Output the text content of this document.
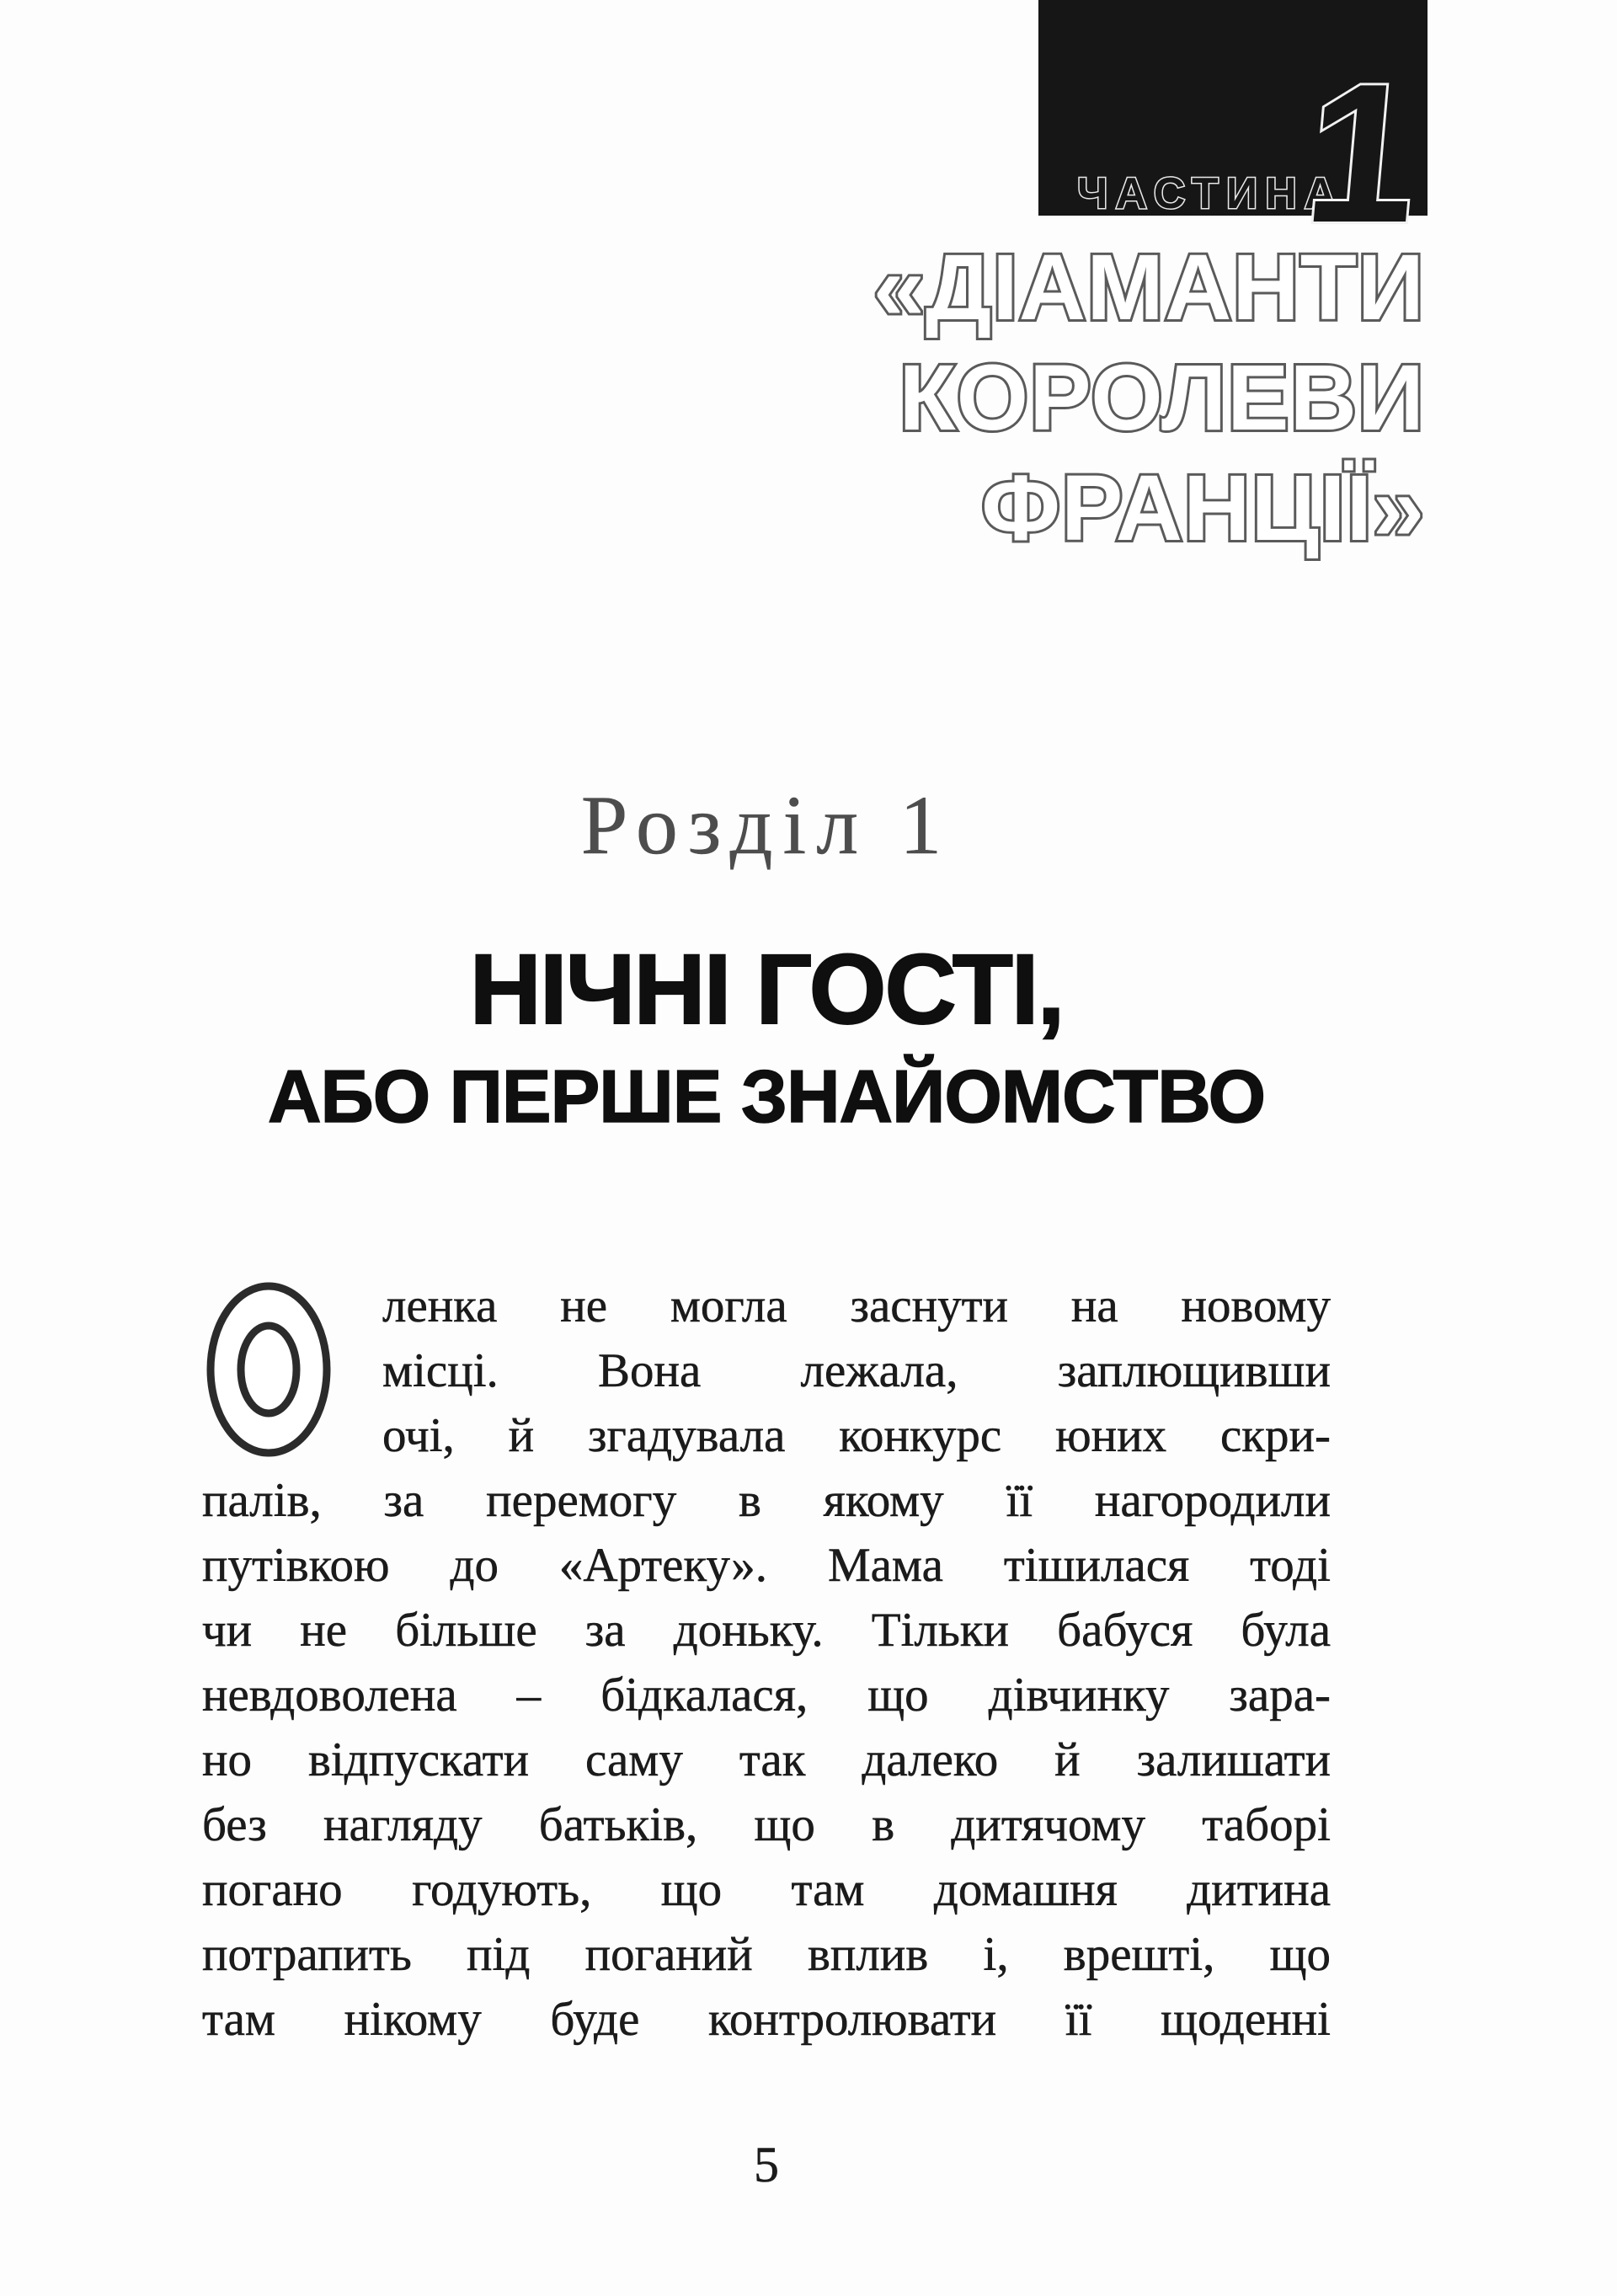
ЧАСТИНА
1
«ДІАМАНТИ
КОРОЛЕВИ
ФРАНЦІЇ»
Розділ 1
НІЧНІ ГОСТІ,
АБО ПЕРШЕ ЗНАЙОМСТВО
ленка не могла заснути на новому
місці. Вона лежала, заплющивши
очі, й згадувала конкурс юних скри-
палів, за перемогу в якому її нагородили
путівкою до «Артеку». Мама тішилася тоді
чи не більше за доньку. Тільки бабуся була
невдоволена – бідкалася, що дівчинку зара-
но відпускати саму так далеко й залишати
без нагляду батьків, що в дитячому таборі
погано годують, що там домашня дитина
потрапить під поганий вплив і, врешті, що
там нікому буде контролювати її щоденні
5
